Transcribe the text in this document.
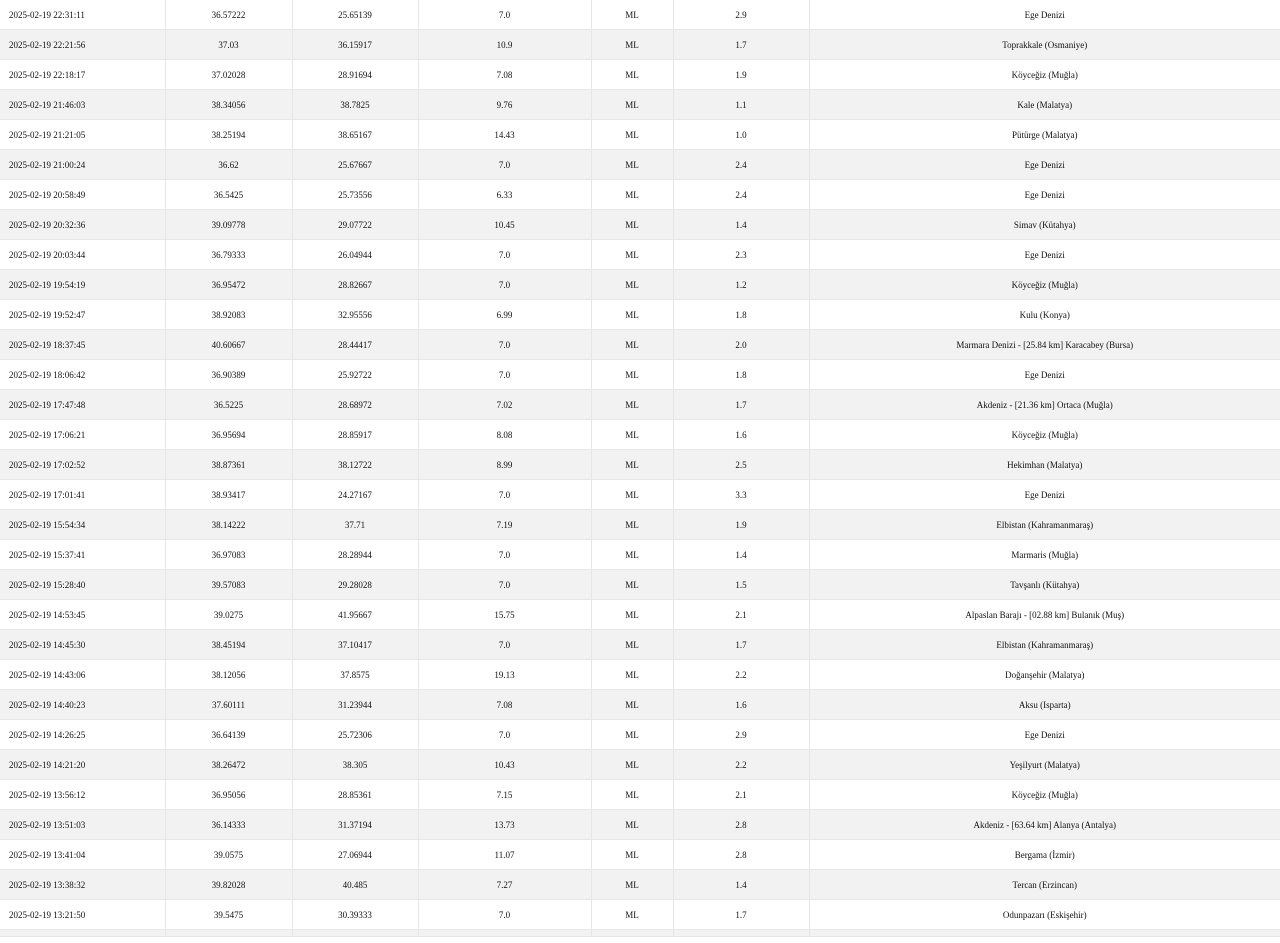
2025-02-19 22:31:11	36.57222	25.65139	7.0	ML	2.9	Ege Denizi
2025-02-19 22:21:56	37.03	36.15917	10.9	ML	1.7	Toprakkale (Osmaniye)
2025-02-19 22:18:17	37.02028	28.91694	7.08	ML	1.9	Köyceğiz (Muğla)
2025-02-19 21:46:03	38.34056	38.7825	9.76	ML	1.1	Kale (Malatya)
2025-02-19 21:21:05	38.25194	38.65167	14.43	ML	1.0	Pütürge (Malatya)
2025-02-19 21:00:24	36.62	25.67667	7.0	ML	2.4	Ege Denizi
2025-02-19 20:58:49	36.5425	25.73556	6.33	ML	2.4	Ege Denizi
2025-02-19 20:32:36	39.09778	29.07722	10.45	ML	1.4	Simav (Kütahya)
2025-02-19 20:03:44	36.79333	26.04944	7.0	ML	2.3	Ege Denizi
2025-02-19 19:54:19	36.95472	28.82667	7.0	ML	1.2	Köyceğiz (Muğla)
2025-02-19 19:52:47	38.92083	32.95556	6.99	ML	1.8	Kulu (Konya)
2025-02-19 18:37:45	40.60667	28.44417	7.0	ML	2.0	Marmara Denizi - [25.84 km] Karacabey (Bursa)
2025-02-19 18:06:42	36.90389	25.92722	7.0	ML	1.8	Ege Denizi
2025-02-19 17:47:48	36.5225	28.68972	7.02	ML	1.7	Akdeniz - [21.36 km] Ortaca (Muğla)
2025-02-19 17:06:21	36.95694	28.85917	8.08	ML	1.6	Köyceğiz (Muğla)
2025-02-19 17:02:52	38.87361	38.12722	8.99	ML	2.5	Hekimhan (Malatya)
2025-02-19 17:01:41	38.93417	24.27167	7.0	ML	3.3	Ege Denizi
2025-02-19 15:54:34	38.14222	37.71	7.19	ML	1.9	Elbistan (Kahramanmaraş)
2025-02-19 15:37:41	36.97083	28.28944	7.0	ML	1.4	Marmaris (Muğla)
2025-02-19 15:28:40	39.57083	29.28028	7.0	ML	1.5	Tavşanlı (Kütahya)
2025-02-19 14:53:45	39.0275	41.95667	15.75	ML	2.1	Alpaslan Barajı - [02.88 km] Bulanık (Muş)
2025-02-19 14:45:30	38.45194	37.10417	7.0	ML	1.7	Elbistan (Kahramanmaraş)
2025-02-19 14:43:06	38.12056	37.8575	19.13	ML	2.2	Doğanşehir (Malatya)
2025-02-19 14:40:23	37.60111	31.23944	7.08	ML	1.6	Aksu (Isparta)
2025-02-19 14:26:25	36.64139	25.72306	7.0	ML	2.9	Ege Denizi
2025-02-19 14:21:20	38.26472	38.305	10.43	ML	2.2	Yeşilyurt (Malatya)
2025-02-19 13:56:12	36.95056	28.85361	7.15	ML	2.1	Köyceğiz (Muğla)
2025-02-19 13:51:03	36.14333	31.37194	13.73	ML	2.8	Akdeniz - [63.64 km] Alanya (Antalya)
2025-02-19 13:41:04	39.0575	27.06944	11.07	ML	2.8	Bergama (İzmir)
2025-02-19 13:38:32	39.82028	40.485	7.27	ML	1.4	Tercan (Erzincan)
2025-02-19 13:21:50	39.5475	30.39333	7.0	ML	1.7	Odunpazarı (Eskişehir)
